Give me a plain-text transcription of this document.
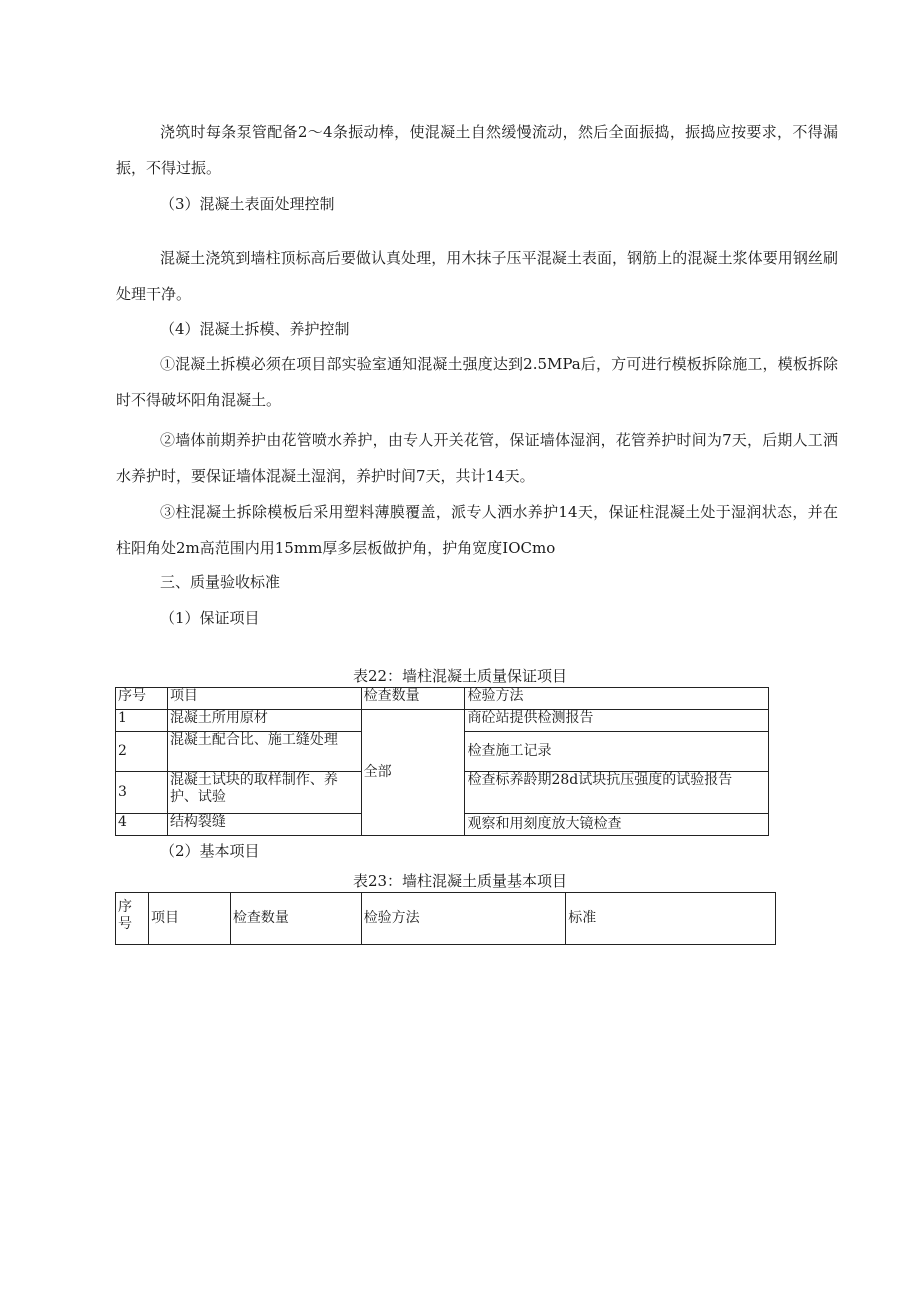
浇筑时每条泵管配备2～4条振动棒，使混凝土自然缓慢流动，然后全面振捣，振捣应按要求，不得漏振，不得过振。

（3）混凝土表面处理控制

混凝土浇筑到墙柱顶标高后要做认真处理，用木抹子压平混凝土表面，钢筋上的混凝土浆体要用钢丝刷处理干净。

（4）混凝土拆模、养护控制

①混凝土拆模必须在项目部实验室通知混凝土强度达到2.5MPa后，方可进行模板拆除施工，模板拆除时不得破坏阳角混凝土。

②墙体前期养护由花管喷水养护，由专人开关花管，保证墙体湿润，花管养护时间为7天，后期人工洒水养护时，要保证墙体混凝土湿润，养护时间7天，共计14天。

③柱混凝土拆除模板后采用塑料薄膜覆盖，派专人洒水养护14天，保证柱混凝土处于湿润状态，并在柱阳角处2m高范围内用15mm厚多层板做护角，护角宽度IOCmo

三、质量验收标准

（1）保证项目

表22：墙柱混凝土质量保证项目

序号	项目	检查数量	检验方法
1	混凝土所用原材	全部	商砼站提供检测报告
2	混凝土配合比、施工缝处理		检查施工记录
3	混凝土试块的取样制作、养护、试验		检查标养龄期28d试块抗压强度的试验报告
4	结构裂缝		观察和用刻度放大镜检查

（2）基本项目

表23：墙柱混凝土质量基本项目

序号	项目	检查数量	检验方法	标准
